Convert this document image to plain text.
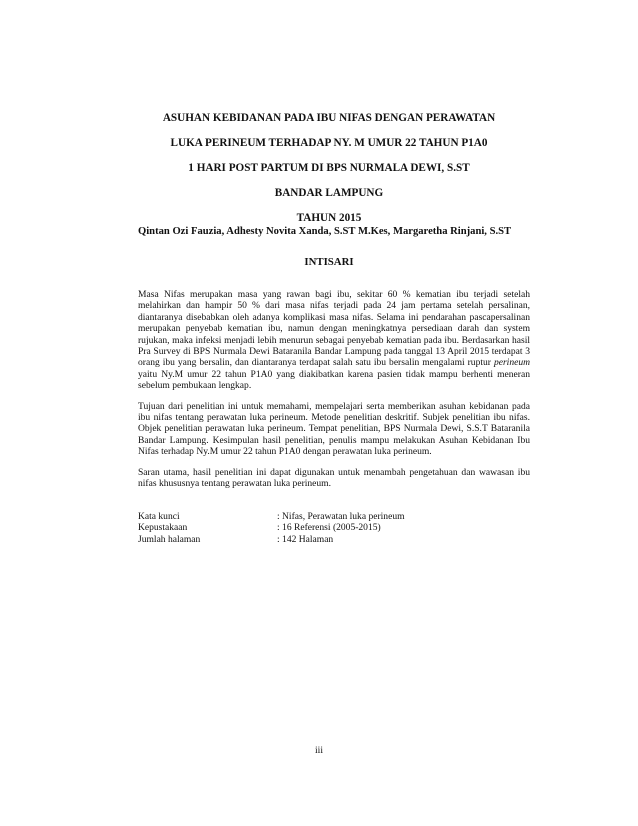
ASUHAN KEBIDANAN PADA IBU NIFAS DENGAN PERAWATAN
LUKA PERINEUM TERHADAP NY. M UMUR 22 TAHUN P1A0
1 HARI POST PARTUM DI BPS NURMALA DEWI, S.ST
BANDAR LAMPUNG
TAHUN 2015
Qintan Ozi Fauzia, Adhesty Novita Xanda, S.ST M.Kes, Margaretha Rinjani, S.ST
INTISARI

Masa Nifas merupakan masa yang rawan bagi ibu, sekitar 60 % kematian ibu terjadi setelah melahirkan dan hampir 50 % dari masa nifas terjadi pada 24 jam pertama setelah persalinan, diantaranya disebabkan oleh adanya komplikasi masa nifas. Selama ini pendarahan pascapersalinan merupakan penyebab kematian ibu, namun dengan meningkatnya persediaan darah dan system rujukan, maka infeksi menjadi lebih menurun sebagai penyebab kematian pada ibu. Berdasarkan hasil Pra Survey di BPS Nurmala Dewi Bataranila Bandar Lampung pada tanggal 13 April 2015 terdapat 3 orang ibu yang bersalin, dan diantaranya terdapat salah satu ibu bersalin mengalami ruptur perineum yaitu Ny.M umur 22 tahun P1A0 yang diakibatkan karena pasien tidak mampu berhenti meneran sebelum pembukaan lengkap.

Tujuan dari penelitian ini untuk memahami, mempelajari serta memberikan asuhan kebidanan pada ibu nifas tentang perawatan luka perineum. Metode penelitian deskritif. Subjek penelitian ibu nifas. Objek penelitian perawatan luka perineum. Tempat penelitian, BPS Nurmala Dewi, S.S.T Bataranila Bandar Lampung. Kesimpulan hasil penelitian, penulis mampu melakukan Asuhan Kebidanan Ibu Nifas terhadap Ny.M umur 22 tahun P1A0 dengan perawatan luka perineum.

Saran utama, hasil penelitian ini dapat digunakan untuk menambah pengetahuan dan wawasan ibu nifas khususnya tentang perawatan luka perineum.

Kata kunci	: Nifas, Perawatan luka perineum
Kepustakaan	: 16 Referensi (2005-2015)
Jumlah halaman	: 142 Halaman
iii
